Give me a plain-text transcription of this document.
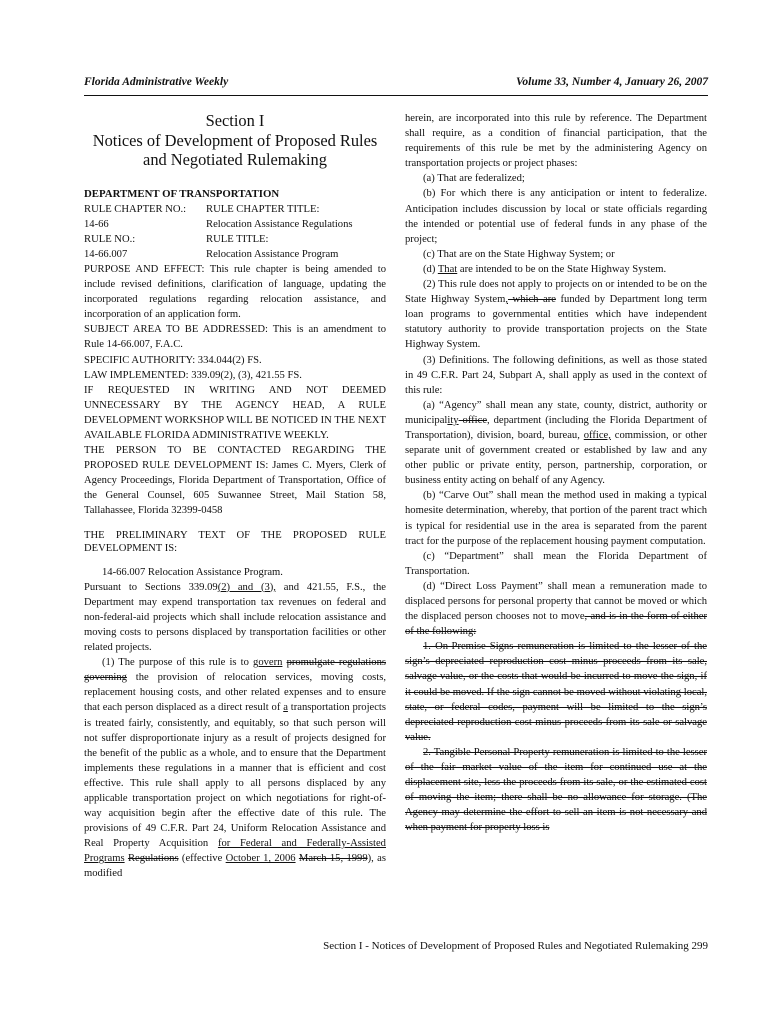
Florida Administrative Weekly	Volume 33, Number 4, January 26, 2007
Section I
Notices of Development of Proposed Rules
and Negotiated Rulemaking

DEPARTMENT OF TRANSPORTATION

RULE CHAPTER NO.:	RULE CHAPTER TITLE:
14-66	Relocation Assistance Regulations
RULE NO.:	RULE TITLE:
14-66.007	Relocation Assistance Program

PURPOSE AND EFFECT: This rule chapter is being amended to include revised definitions, clarification of language, updating the incorporated regulations regarding relocation assistance, and incorporation of an application form.

SUBJECT AREA TO BE ADDRESSED: This is an amendment to Rule 14-66.007, F.A.C.

SPECIFIC AUTHORITY: 334.044(2) FS.

LAW IMPLEMENTED: 339.09(2), (3), 421.55 FS.

IF REQUESTED IN WRITING AND NOT DEEMED UNNECESSARY BY THE AGENCY HEAD, A RULE DEVELOPMENT WORKSHOP WILL BE NOTICED IN THE NEXT AVAILABLE FLORIDA ADMINISTRATIVE WEEKLY.

THE PERSON TO BE CONTACTED REGARDING THE PROPOSED RULE DEVELOPMENT IS: James C. Myers, Clerk of Agency Proceedings, Florida Department of Transportation, Office of the General Counsel, 605 Suwannee Street, Mail Station 58, Tallahassee, Florida 32399-0458

THE PRELIMINARY TEXT OF THE PROPOSED RULE DEVELOPMENT IS:

14-66.007 Relocation Assistance Program.

Pursuant to Sections 339.09(2) and (3), and 421.55, F.S., the Department may expend transportation tax revenues on federal and non-federal-aid projects which shall include relocation assistance and moving costs to persons displaced by transportation facilities or other related projects.

(1) The purpose of this rule is to govern promulgate regulations governing the provision of relocation services, moving costs, replacement housing costs, and other related expenses and to ensure that each person displaced as a direct result of a transportation projects is treated fairly, consistently, and equitably, so that such person will not suffer disproportionate injury as a result of projects designed for the benefit of the public as a whole, and to ensure that the Department implements these regulations in a manner that is efficient and cost effective. This rule shall apply to all persons displaced by any applicable transportation project on which negotiations for right-of-way acquisition begin after the effective date of this rule. The provisions of 49 C.F.R. Part 24, Uniform Relocation Assistance and Real Property Acquisition for Federal and Federally-Assisted Programs Regulations (effective October 1, 2006 March 15, 1999), as modified

herein, are incorporated into this rule by reference. The Department shall require, as a condition of financial participation, that the requirements of this rule be met by the administering Agency on transportation projects or project phases:

(a) That are federalized;

(b) For which there is any anticipation or intent to federalize. Anticipation includes discussion by local or state officials regarding the intended or potential use of federal funds in any phase of the project;

(c) That are on the State Highway System; or

(d) That are intended to be on the State Highway System.

(2) This rule does not apply to projects on or intended to be on the State Highway System, which are funded by Department long term loan programs to governmental entities which have independent statutory authority to provide transportation projects on the State Highway System.

(3) Definitions. The following definitions, as well as those stated in 49 C.F.R. Part 24, Subpart A, shall apply as used in the context of this rule:

(a) “Agency” shall mean any state, county, district, authority or municipality office, department (including the Florida Department of Transportation), division, board, bureau, office, commission, or other separate unit of government created or established by law and any other public or private entity, person, partnership, corporation, or business entity acting on behalf of any Agency.

(b) “Carve Out” shall mean the method used in making a typical homesite determination, whereby, that portion of the parent tract which is typical for residential use in the area is separated from the parent tract for the purpose of the replacement housing payment computation.

(c) “Department” shall mean the Florida Department of Transportation.

(d) “Direct Loss Payment” shall mean a remuneration made to displaced persons for personal property that cannot be moved or which the displaced person chooses not to move, and is in the form of either of the following:

1. On-Premise Signs remuneration is limited to the lesser of the sign’s depreciated reproduction cost minus proceeds from its sale, salvage value, or the costs that would be incurred to move the sign, if it could be moved. If the sign cannot be moved without violating local, state, or federal codes, payment will be limited to the sign’s depreciated reproduction cost minus proceeds from its sale or salvage value.

2. Tangible Personal Property remuneration is limited to the lesser of the fair market value of the item for continued use at the displacement site, less the proceeds from its sale, or the estimated cost of moving the item; there shall be no allowance for storage. (The Agency may determine the effort to sell an item is not necessary and when payment for property loss is

Section I - Notices of Development of Proposed Rules and Negotiated Rulemaking 299
